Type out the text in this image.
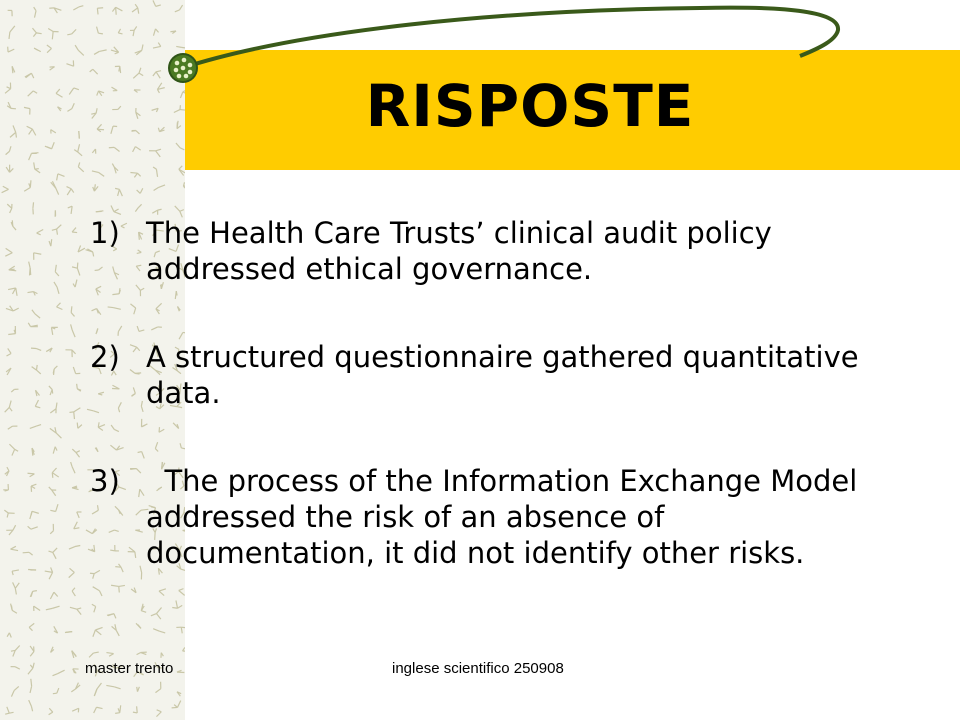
RISPOSTE
1) The Health Care Trusts’ clinical audit policy addressed ethical governance.
2) A structured questionnaire gathered quantitative data.
3) The process of the Information Exchange Model addressed the risk of an absence of documentation, it did not identify other risks.
master trento	inglese scientifico 250908
